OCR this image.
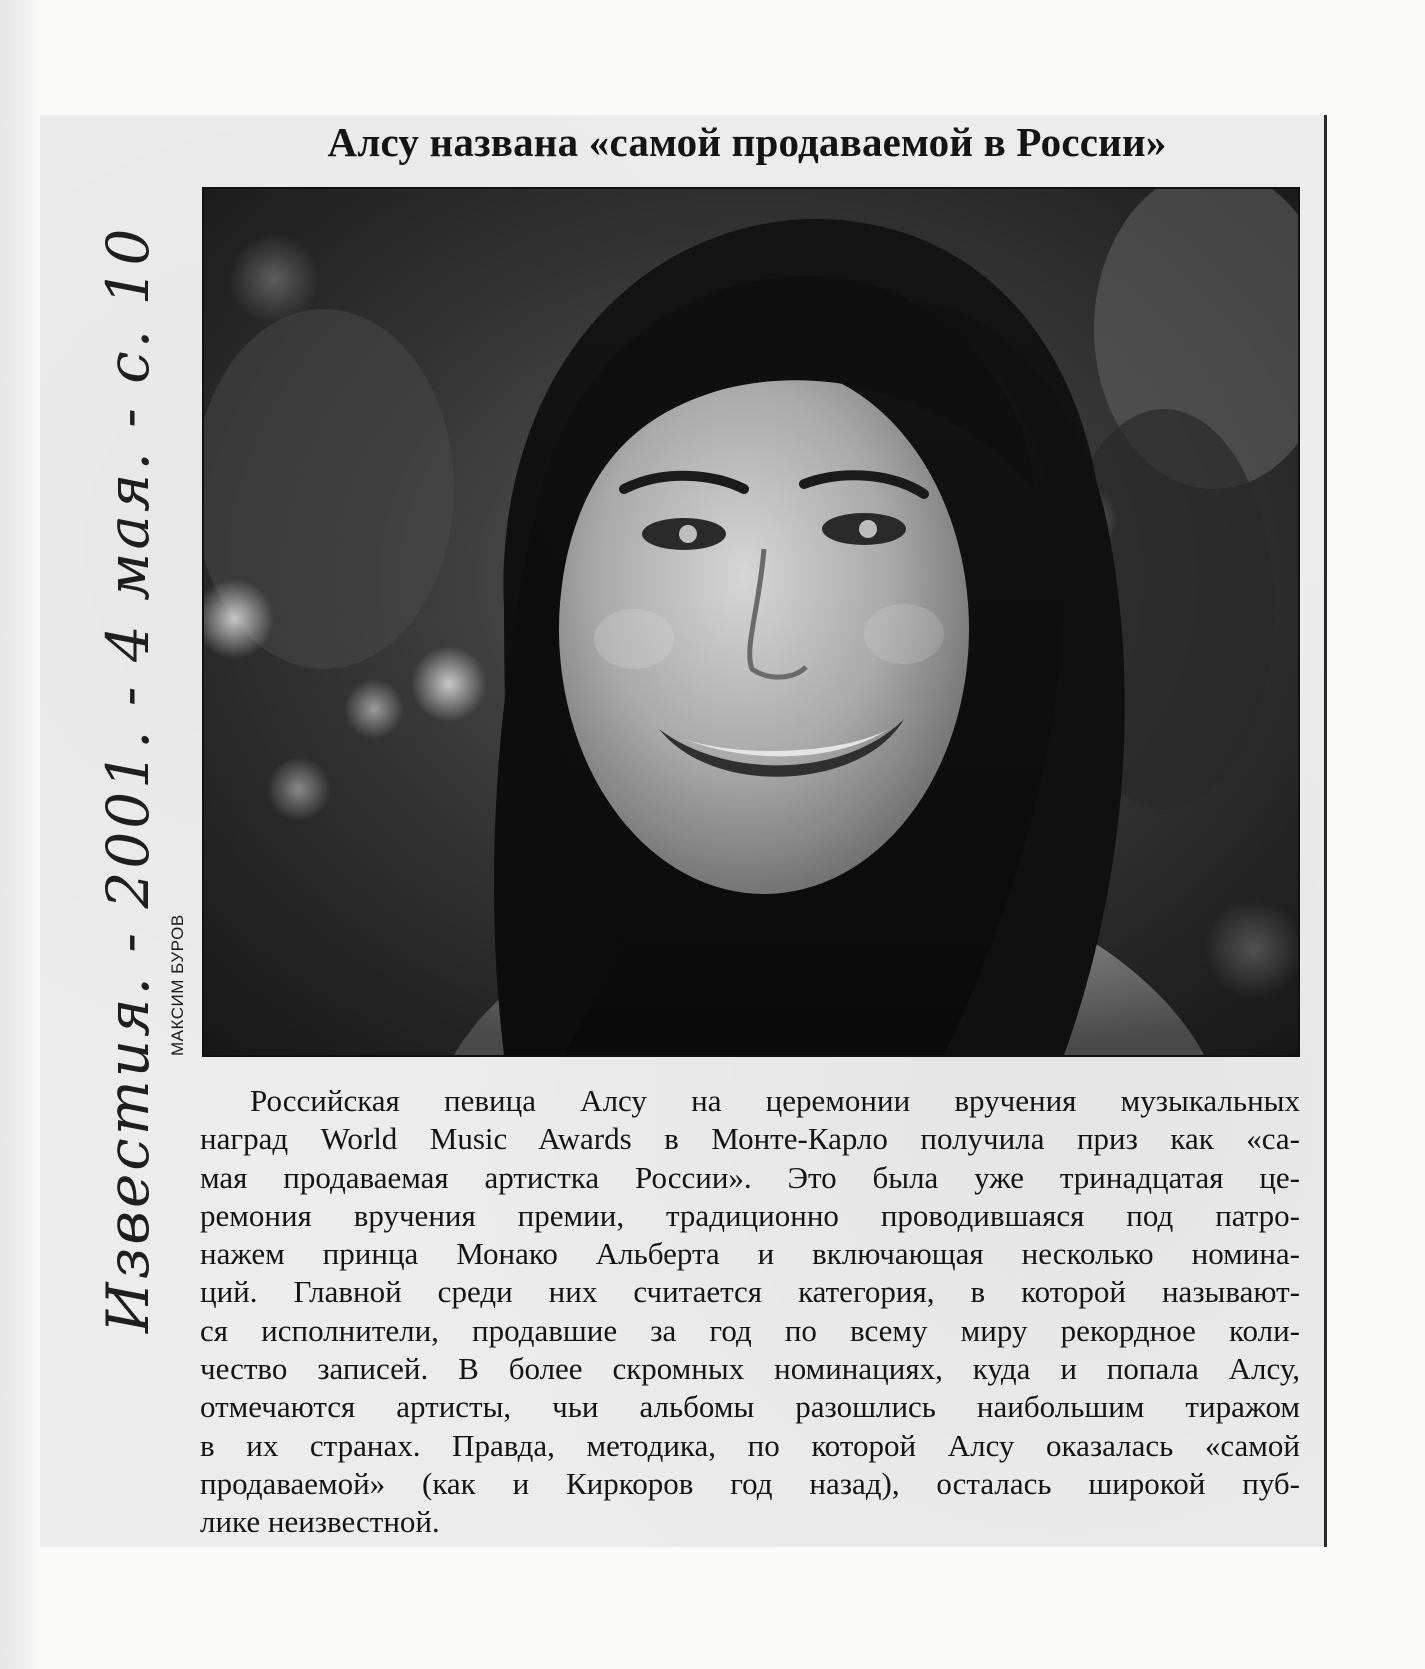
Алсу названа «самой продаваемой в России»
МАКСИМ БУРОВ
Известия. - 2001. - 4 мая. - с. 10	Российская певица Алсу на церемонии вручения музыкальных
наград World Music Awards в Монте-Карло получила приз как «са-
мая продаваемая артистка России». Это была уже тринадцатая це-
ремония вручения премии, традиционно проводившаяся под патро-
нажем принца Монако Альберта и включающая несколько номина-
ций. Главной среди них считается категория, в которой называют-
ся исполнители, продавшие за год по всему миру рекордное коли-
чество записей. В более скромных номинациях, куда и попала Алсу,
отмечаются артисты, чьи альбомы разошлись наибольшим тиражом
в их странах. Правда, методика, по которой Алсу оказалась «самой
продаваемой» (как и Киркоров год назад), осталась широкой пуб-
лике неизвестной.
